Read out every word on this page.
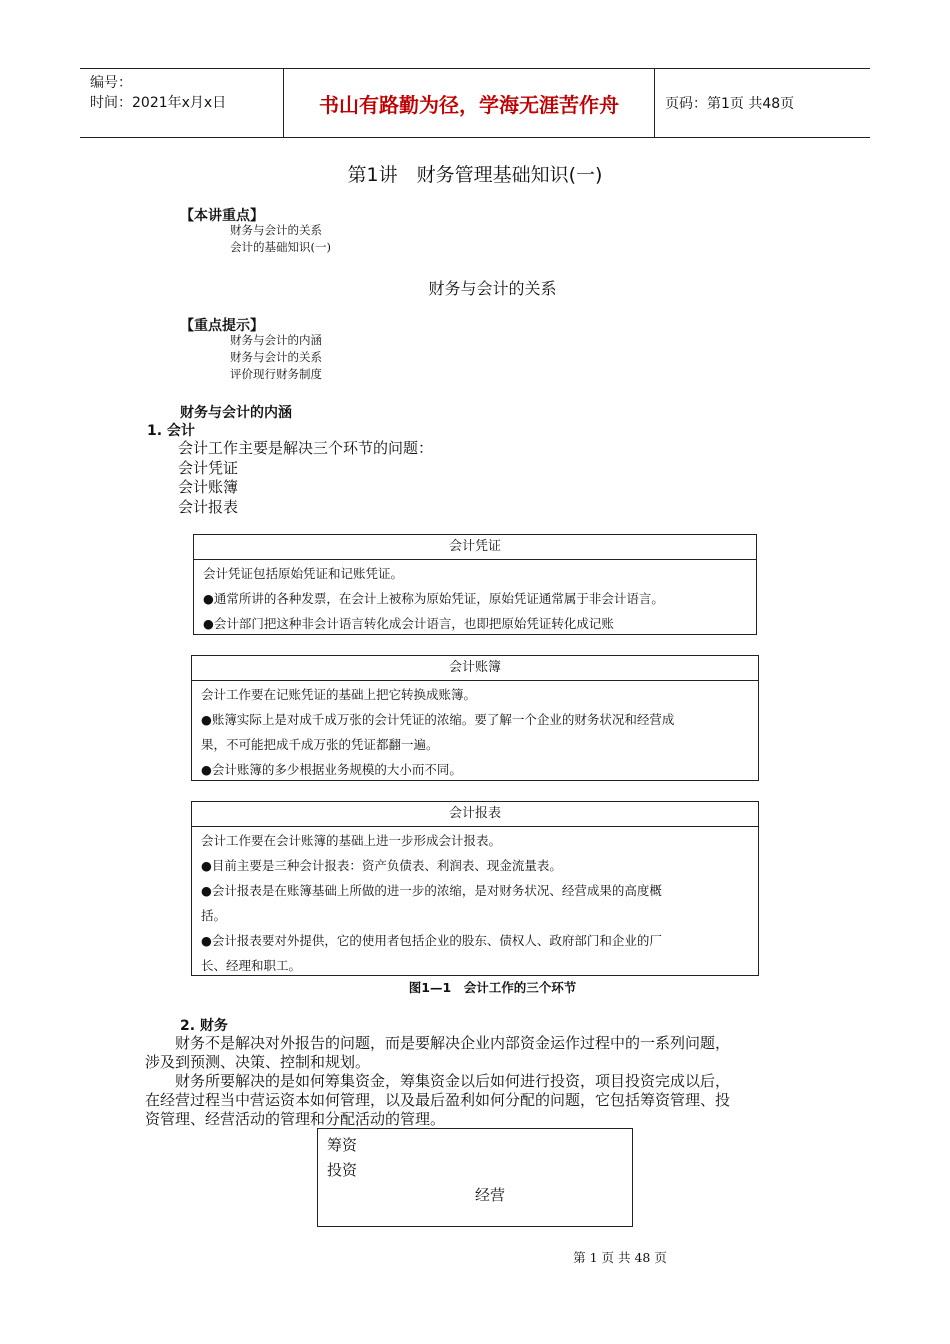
编号：
时间：2021年x月x日	书山有路勤为径，学海无涯苦作舟	页码：第1页 共48页
第1讲　财务管理基础知识(一)
【本讲重点】
财务与会计的关系
会计的基础知识(一)
财务与会计的关系
【重点提示】
财务与会计的内涵
财务与会计的关系
评价现行财务制度
财务与会计的内涵
1. 会计
会计工作主要是解决三个环节的问题：
会计凭证
会计账簿
会计报表
会计凭证
会计凭证包括原始凭证和记账凭证。
●通常所讲的各种发票，在会计上被称为原始凭证，原始凭证通常属于非会计语言。
●会计部门把这种非会计语言转化成会计语言，也即把原始凭证转化成记账
会计账簿
会计工作要在记账凭证的基础上把它转换成账簿。
●账簿实际上是对成千成万张的会计凭证的浓缩。要了解一个企业的财务状况和经营成
果，不可能把成千成万张的凭证都翻一遍。
●会计账簿的多少根据业务规模的大小而不同。
会计报表
会计工作要在会计账簿的基础上进一步形成会计报表。
●目前主要是三种会计报表：资产负债表、利润表、现金流量表。
●会计报表是在账簿基础上所做的进一步的浓缩，是对财务状况、经营成果的高度概
括。
●会计报表要对外提供，它的使用者包括企业的股东、债权人、政府部门和企业的厂
长、经理和职工。
图1—1　会计工作的三个环节
2. 财务
　　财务不是解决对外报告的问题，而是要解决企业内部资金运作过程中的一系列问题，
涉及到预测、决策、控制和规划。
　　财务所要解决的是如何筹集资金，筹集资金以后如何进行投资，项目投资完成以后，
在经营过程当中营运资本如何管理，以及最后盈利如何分配的问题，它包括筹资管理、投
资管理、经营活动的管理和分配活动的管理。
筹资
投资
经营
第 1 页 共 48 页
